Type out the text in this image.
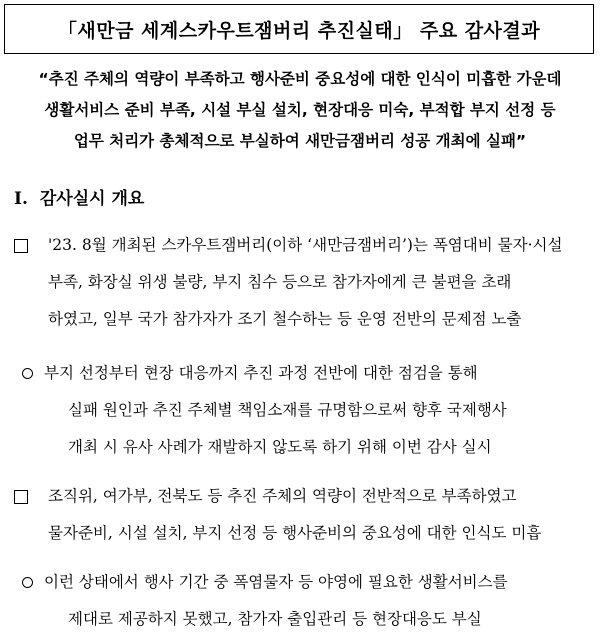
「새만금 세계스카우트잼버리 추진실태」 주요 감사결과
“추진 주체의 역량이 부족하고 행사준비 중요성에 대한 인식이 미흡한 가운데
생활서비스 준비 부족, 시설 부실 설치, 현장대응 미숙, 부적합 부지 선정 등
업무 처리가 총체적으로 부실하여 새만금잼버리 성공 개최에 실패”
Ⅰ. 감사실시 개요
'23. 8월 개최된 스카우트잼버리(이하 ‘새만금잼버리’)는 폭염대비 물자·시설
부족, 화장실 위생 불량, 부지 침수 등으로 참가자에게 큰 불편을 초래
하였고, 일부 국가 참가자가 조기 철수하는 등 운영 전반의 문제점 노출
부지 선정부터 현장 대응까지 추진 과정 전반에 대한 점검을 통해
실패 원인과 추진 주체별 책임소재를 규명함으로써 향후 국제행사
개최 시 유사 사례가 재발하지 않도록 하기 위해 이번 감사 실시
조직위, 여가부, 전북도 등 추진 주체의 역량이 전반적으로 부족하였고
물자준비, 시설 설치, 부지 선정 등 행사준비의 중요성에 대한 인식도 미흡
이런 상태에서 행사 기간 중 폭염물자 등 야영에 필요한 생활서비스를
제대로 제공하지 못했고, 참가자 출입관리 등 현장대응도 부실
